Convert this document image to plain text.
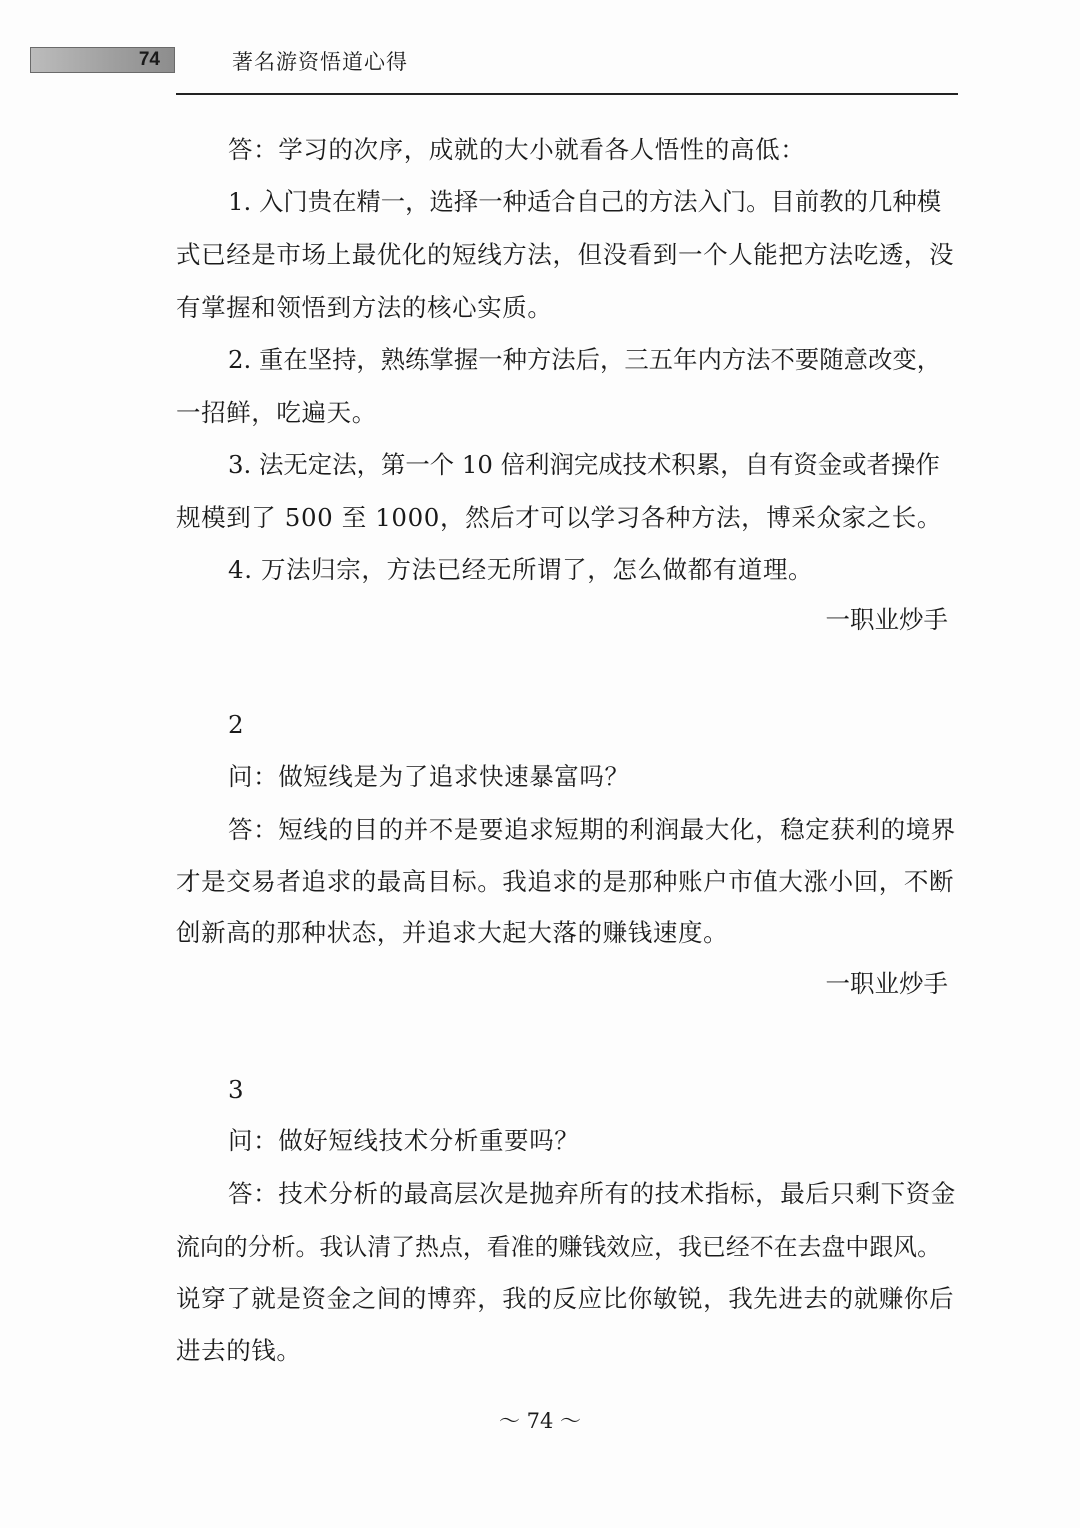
74	著名游资悟道心得
答：学习的次序，成就的大小就看各人悟性的高低：
1. 入门贵在精一，选择一种适合自己的方法入门。目前教的几种模
式已经是市场上最优化的短线方法，但没看到一个人能把方法吃透，没
有掌握和领悟到方法的核心实质。
2. 重在坚持，熟练掌握一种方法后，三五年内方法不要随意改变，
一招鲜，吃遍天。
3. 法无定法，第一个 10 倍利润完成技术积累，自有资金或者操作
规模到了 500 至 1000，然后才可以学习各种方法，博采众家之长。
4. 万法归宗，方法已经无所谓了，怎么做都有道理。
一职业炒手
2
问：做短线是为了追求快速暴富吗？
答：短线的目的并不是要追求短期的利润最大化，稳定获利的境界
才是交易者追求的最高目标。我追求的是那种账户市值大涨小回，不断
创新高的那种状态，并追求大起大落的赚钱速度。
一职业炒手
3
问：做好短线技术分析重要吗？
答：技术分析的最高层次是抛弃所有的技术指标，最后只剩下资金
流向的分析。我认清了热点，看准的赚钱效应，我已经不在去盘中跟风。
说穿了就是资金之间的博弈，我的反应比你敏锐，我先进去的就赚你后
进去的钱。
～ 74 ～
